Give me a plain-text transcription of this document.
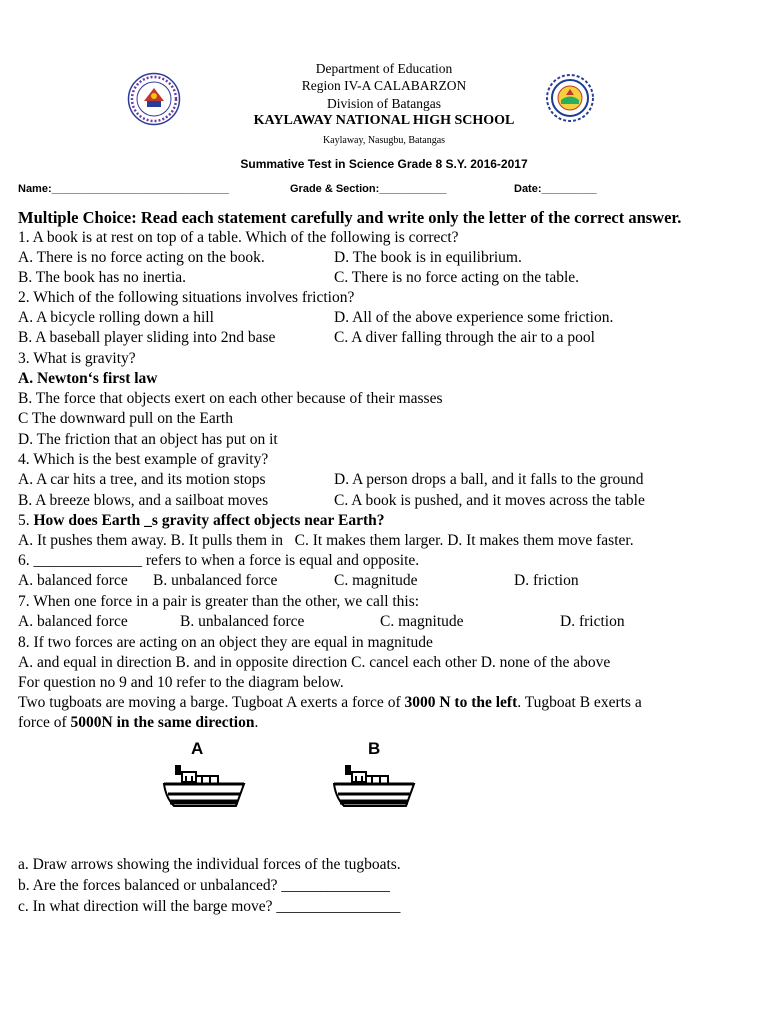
Department of Education
Region IV-A CALABARZON
Division of Batangas
KAYLAWAY NATIONAL HIGH SCHOOL
Kaylaway, Nasugbu, Batangas
Summative Test in Science Grade 8 S.Y. 2016-2017
Name:_____________________________	Grade & Section:___________	Date:_________
Multiple Choice: Read each statement carefully and write only the letter of the correct answer.
1. A book is at rest on top of a table. Which of the following is correct?
A. There is no force acting on the book.	D. The book is in equilibrium.
B. The book has no inertia.	C. There is no force acting on the table.
2. Which of the following situations involves friction?
A. A bicycle rolling down a hill	D. All of the above experience some friction.
B. A baseball player sliding into 2nd base	C. A diver falling through the air to a pool
3. What is gravity?
A. Newton‘s first law
B. The force that objects exert on each other because of their masses
C The downward pull on the Earth
D. The friction that an object has put on it
4. Which is the best example of gravity?
A. A car hits a tree, and its motion stops	D. A person drops a ball, and it falls to the ground
B. A breeze blows, and a sailboat moves	C. A book is pushed, and it moves across the table
5. How does Earth _s gravity affect objects near Earth?
A. It pushes them away. B. It pulls them in   C. It makes them larger. D. It makes them move faster.
6. ______________ refers to when a force is equal and opposite.
A. balanced force B. unbalanced force	C. magnitude	D. friction
7. When one force in a pair is greater than the other, we call this:
A. balanced force	B. unbalanced force	C. magnitude	D. friction
8. If two forces are acting on an object they are equal in magnitude
A. and equal in direction B. and in opposite direction C. cancel each other D. none of the above
For question no 9 and 10 refer to the diagram below.
Two tugboats are moving a barge. Tugboat A exerts a force of 3000 N to the left. Tugboat B exerts a
force of 5000N in the same direction.
A	B
a. Draw arrows showing the individual forces of the tugboats.
b. Are the forces balanced or unbalanced? ______________
c. In what direction will the barge move? ________________
